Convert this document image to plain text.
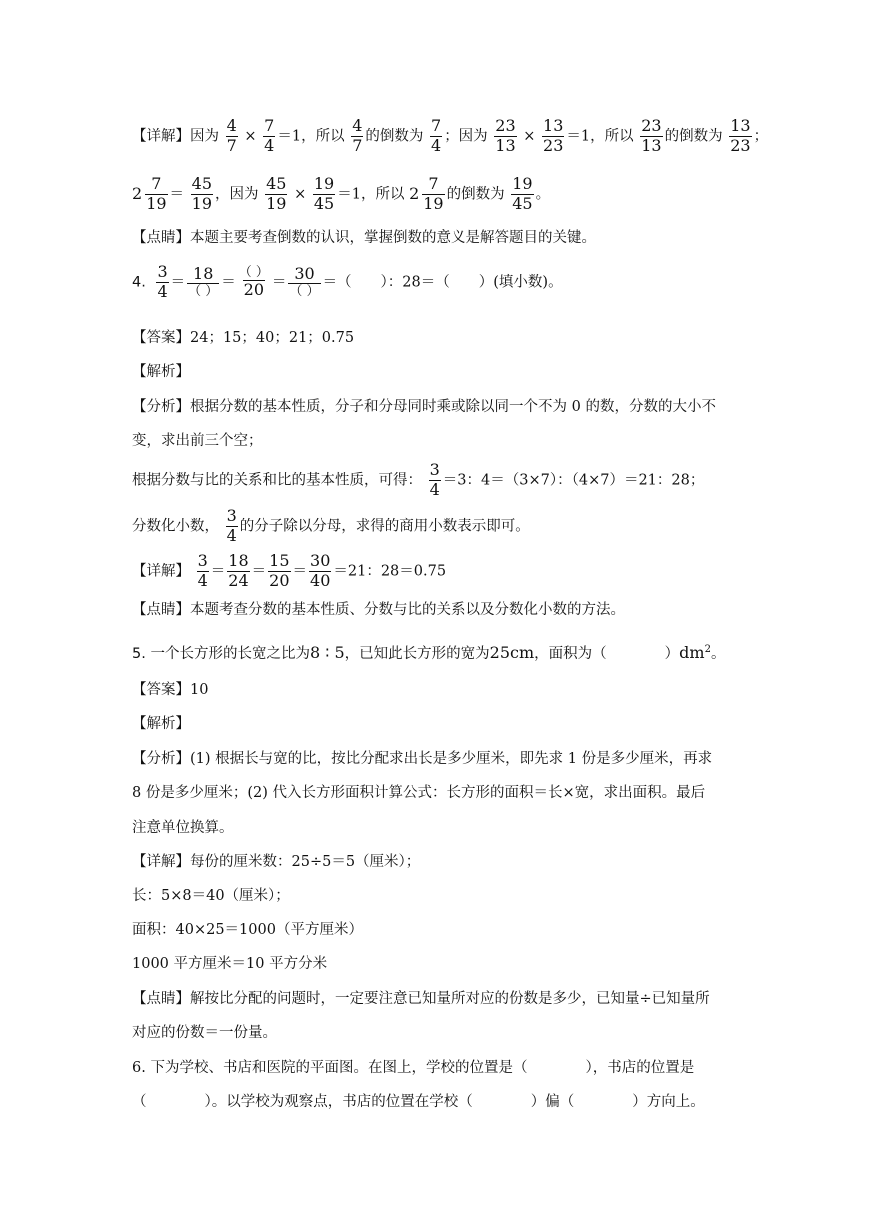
【详解】因为 $\frac{4}{7} \times \frac{7}{4} =1$，所以 $\frac{4}{7}$ 的倒数为 $\frac{7}{4}$ ；因为 $\frac{23}{13} \times \frac{13}{23} =1$，所以 $\frac{23}{13}$ 的倒数为 $\frac{13}{23}$ ；
$2 \frac{7}{19} = \frac{45}{19}$ ，因为 $\frac{45}{19} \times \frac{19}{45} =1$，所以 $2 \frac{7}{19}$ 的倒数为 $\frac{19}{45}$ 。
【点睛】本题主要考查倒数的认识，掌握倒数的意义是解答题目的关键。
4. $\frac{3}{4} = \frac{18}{( )} = \frac{( )}{20} = \frac{30}{( )}$ ＝（　　）：28＝（　　）(填小数)。
【答案】24；15；40；21；0.75
【解析】
【分析】根据分数的基本性质，分子和分母同时乘或除以同一个不为 0 的数，分数的大小不
变，求出前三个空；
根据分数与比的关系和比的基本性质，可得： $\frac{3}{4} =3$：4＝（3×7）：（4×7）＝21：28；
分数化小数， $\frac{3}{4}$ 的分子除以分母，求得的商用小数表示即可。
【详解】 $\frac{3}{4} = \frac{18}{24} = \frac{15}{20} = \frac{30}{40} =21$：28＝0.75
【点睛】本题考查分数的基本性质、分数与比的关系以及分数化小数的方法。
5. 一个长方形的长宽之比为8 ∶ 5，已知此长方形的宽为25cm，面积为（　　　　）$dm^2$。
【答案】10
【解析】
【分析】(1) 根据长与宽的比，按比分配求出长是多少厘米，即先求 1 份是多少厘米，再求
8 份是多少厘米；(2) 代入长方形面积计算公式：长方形的面积＝长×宽，求出面积。最后
注意单位换算。
【详解】每份的厘米数：25÷5＝5（厘米）；
长：5×8＝40（厘米）；
面积：40×25＝1000（平方厘米）
1000 平方厘米＝10 平方分米
【点睛】解按比分配的问题时，一定要注意已知量所对应的份数是多少，已知量÷已知量所
对应的份数＝一份量。
6. 下为学校、书店和医院的平面图。在图上，学校的位置是（　　　　），书店的位置是
（　　　　）。以学校为观察点，书店的位置在学校（　　　　）偏（　　　　）方向上。
